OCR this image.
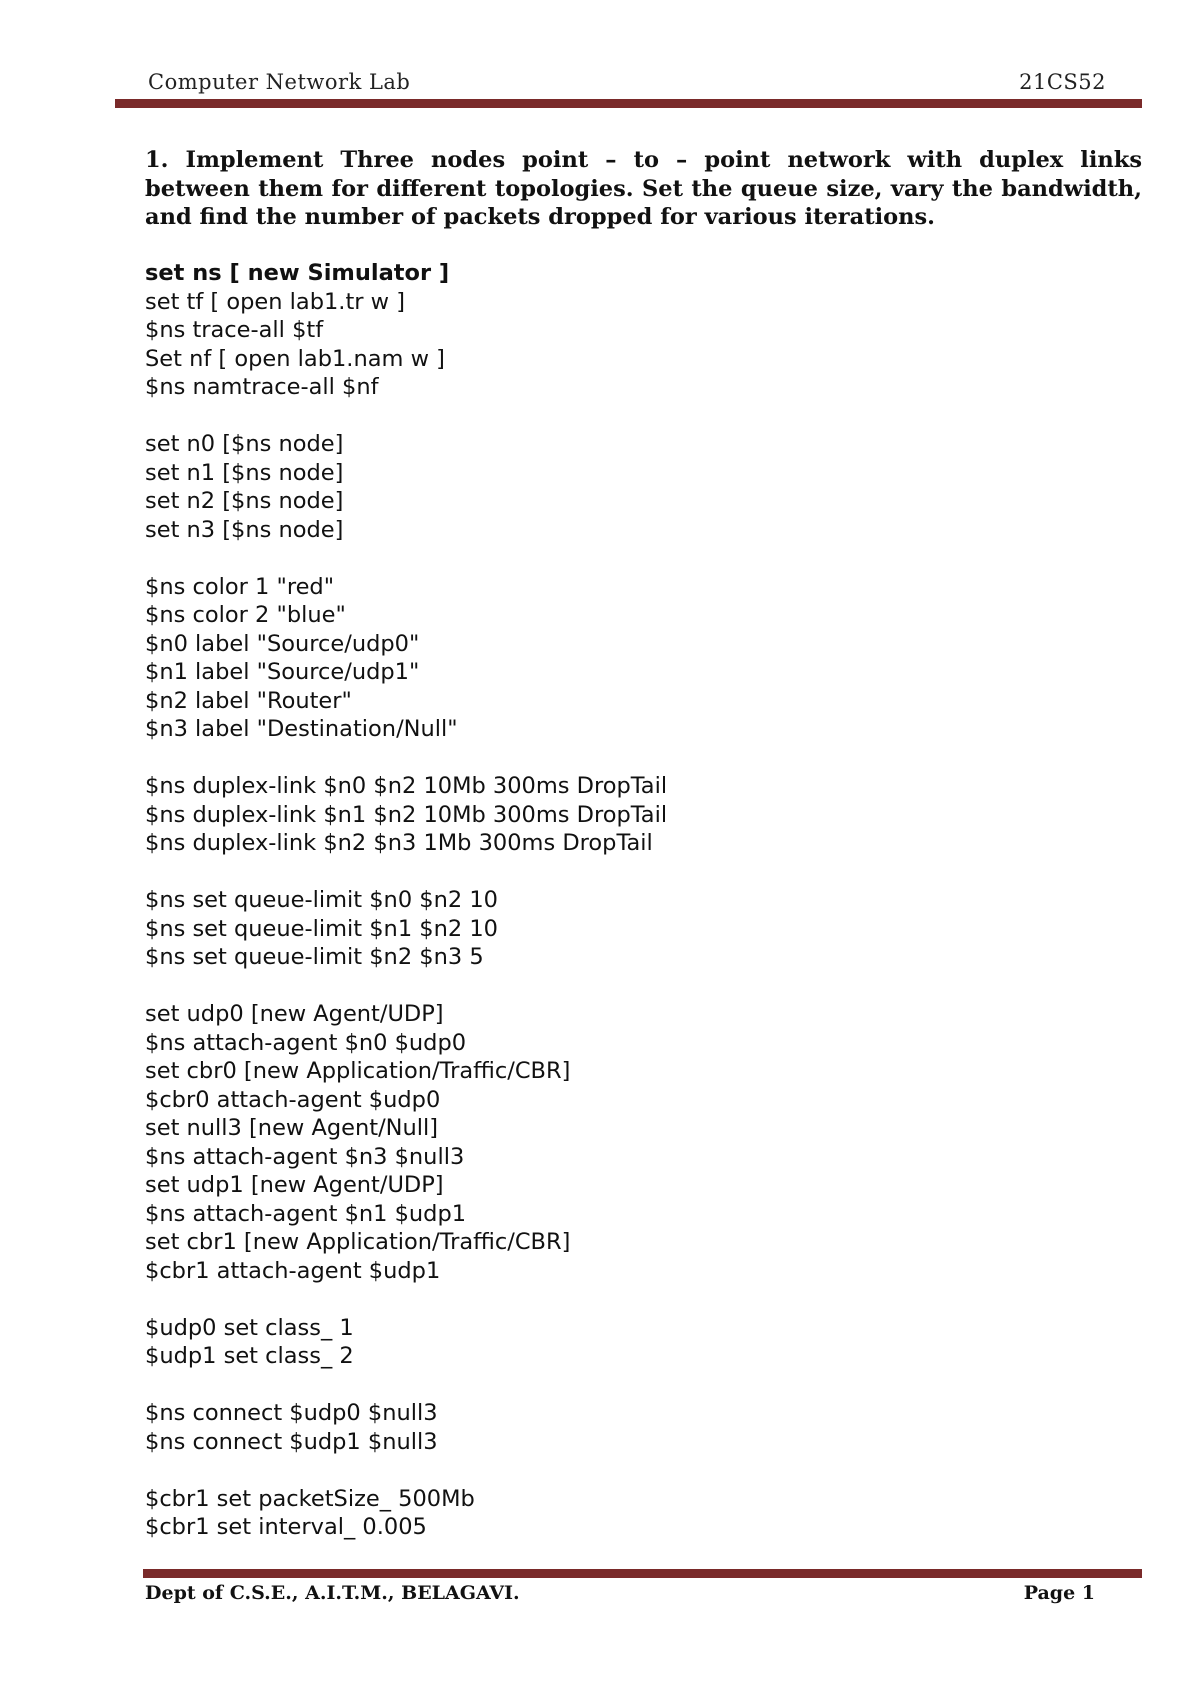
Computer Network Lab	21CS52
1. Implement Three nodes point – to – point network with duplex links between them for different topologies. Set the queue size, vary the bandwidth, and find the number of packets dropped for various iterations.
set ns [ new Simulator ]
set tf [ open lab1.tr w ]
$ns trace-all $tf
Set nf [ open lab1.nam w ]
$ns namtrace-all $nf
set n0 [$ns node]
set n1 [$ns node]
set n2 [$ns node]
set n3 [$ns node]
$ns color 1 "red"
$ns color 2 "blue"
$n0 label "Source/udp0"
$n1 label "Source/udp1"
$n2 label "Router"
$n3 label "Destination/Null"
$ns duplex-link $n0 $n2 10Mb 300ms DropTail
$ns duplex-link $n1 $n2 10Mb 300ms DropTail
$ns duplex-link $n2 $n3 1Mb 300ms DropTail
$ns set queue-limit $n0 $n2 10
$ns set queue-limit $n1 $n2 10
$ns set queue-limit $n2 $n3 5
set udp0 [new Agent/UDP]
$ns attach-agent $n0 $udp0
set cbr0 [new Application/Traffic/CBR]
$cbr0 attach-agent $udp0
set null3 [new Agent/Null]
$ns attach-agent $n3 $null3
set udp1 [new Agent/UDP]
$ns attach-agent $n1 $udp1
set cbr1 [new Application/Traffic/CBR]
$cbr1 attach-agent $udp1
$udp0 set class_ 1
$udp1 set class_ 2
$ns connect $udp0 $null3
$ns connect $udp1 $null3
$cbr1 set packetSize_ 500Mb
$cbr1 set interval_ 0.005
Dept of C.S.E., A.I.T.M., BELAGAVI.	Page 1
